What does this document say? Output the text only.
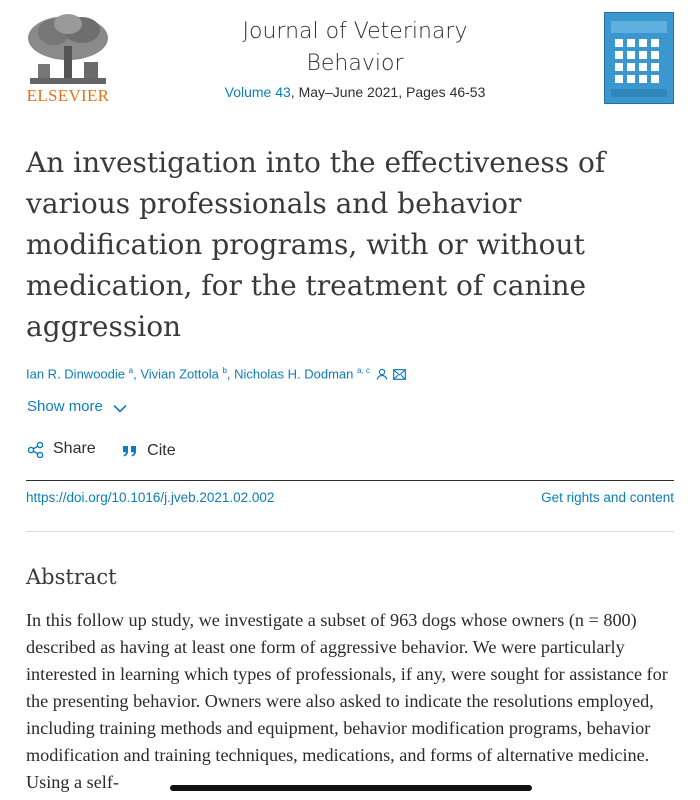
ELSEVIER
Journal of Veterinary Behavior
Volume 43, May–June 2021, Pages 46-53
An investigation into the effectiveness of various professionals and behavior modification programs, with or without medication, for the treatment of canine aggression
Ian R. Dinwoodie $^a$, Vivian Zottola $^b$, Nicholas H. Dodman $^{a, c}$
Show more
Share
	Cite
https://doi.org/10.1016/j.jveb.2021.02.002	Get rights and content
Abstract

In this follow up study, we investigate a subset of 963 dogs whose owners (n = 800) described as having at least one form of aggressive behavior. We were particularly interested in learning which types of professionals, if any, were sought for assistance for the presenting behavior. Owners were also asked to indicate the resolutions employed, including training methods and equipment, behavior modification programs, behavior modification and training techniques, medications, and forms of alternative medicine. Using a self-
